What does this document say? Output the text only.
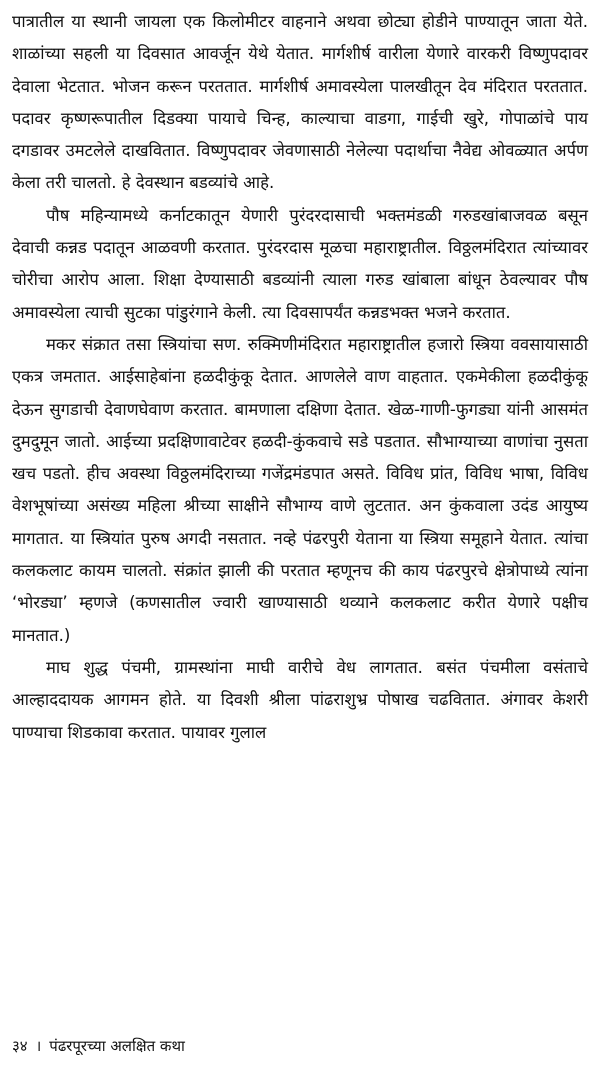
पात्रातील या स्थानी जायला एक किलोमीटर वाहनाने अथवा छोट्या होडीने पाण्यातून जाता येते. शाळांच्या सहली या दिवसात आवर्जून येथे येतात. मार्गशीर्ष वारीला येणारे वारकरी विष्णुपदावर देवाला भेटतात. भोजन करून परततात. मार्गशीर्ष अमावस्येला पालखीतून देव मंदिरात परततात. पदावर कृष्णरूपातील दिडक्या पायाचे चिन्ह, काल्याचा वाडगा, गाईची खुरे, गोपाळांचे पाय दगडावर उमटलेले दाखवितात. विष्णुपदावर जेवणासाठी नेलेल्या पदार्थाचा नैवेद्य ओवळ्यात अर्पण केला तरी चालतो. हे देवस्थान बडव्यांचे आहे.

पौष महिन्यामध्ये कर्नाटकातून येणारी पुरंदरदासाची भक्तमंडळी गरुडखांबाजवळ बसून देवाची कन्नड पदातून आळवणी करतात. पुरंदरदास मूळचा महाराष्ट्रातील. विठ्ठलमंदिरात त्यांच्यावर चोरीचा आरोप आला. शिक्षा देण्यासाठी बडव्यांनी त्याला गरुड खांबाला बांधून ठेवल्यावर पौष अमावस्येला त्याची सुटका पांडुरंगाने केली. त्या दिवसापर्यंत कन्नडभक्त भजने करतात.

मकर संक्रात तसा स्त्रियांचा सण. रुक्मिणीमंदिरात महाराष्ट्रातील हजारो स्त्रिया ववसायासाठी एकत्र जमतात. आईसाहेबांना हळदीकुंकू देतात. आणलेले वाण वाहतात. एकमेकीला हळदीकुंकू देऊन सुगडाची देवाणघेवाण करतात. बामणाला दक्षिणा देतात. खेळ-गाणी-फुगड्या यांनी आसमंत दुमदुमून जातो. आईच्या प्रदक्षिणावाटेवर हळदी-कुंकवाचे सडे पडतात. सौभाग्याच्या वाणांचा नुसता खच पडतो. हीच अवस्था विठ्ठलमंदिराच्या गजेंद्रमंडपात असते. विविध प्रांत, विविध भाषा, विविध वेशभूषांच्या असंख्य महिला श्रीच्या साक्षीने सौभाग्य वाणे लुटतात. अन कुंकवाला उदंड आयुष्य मागतात. या स्त्रियांत पुरुष अगदी नसतात. नव्हे पंढरपुरी येताना या स्त्रिया समूहाने येतात. त्यांचा कलकलाट कायम चालतो. संक्रांत झाली की परतात म्हणूनच की काय पंढरपुरचे क्षेत्रोपाध्ये त्यांना ‘भोरड्या’ म्हणजे (कणसातील ज्वारी खाण्यासाठी थव्याने कलकलाट करीत येणारे पक्षीच मानतात.)

माघ शुद्ध पंचमी, ग्रामस्थांना माघी वारीचे वेध लागतात. बसंत पंचमीला वसंताचे आल्हाददायक आगमन होते. या दिवशी श्रीला पांढराशुभ्र पोषाख चढवितात. अंगावर केशरी पाण्याचा शिडकावा करतात. पायावर गुलाल

३४ । पंढरपूरच्या अलक्षित कथा
